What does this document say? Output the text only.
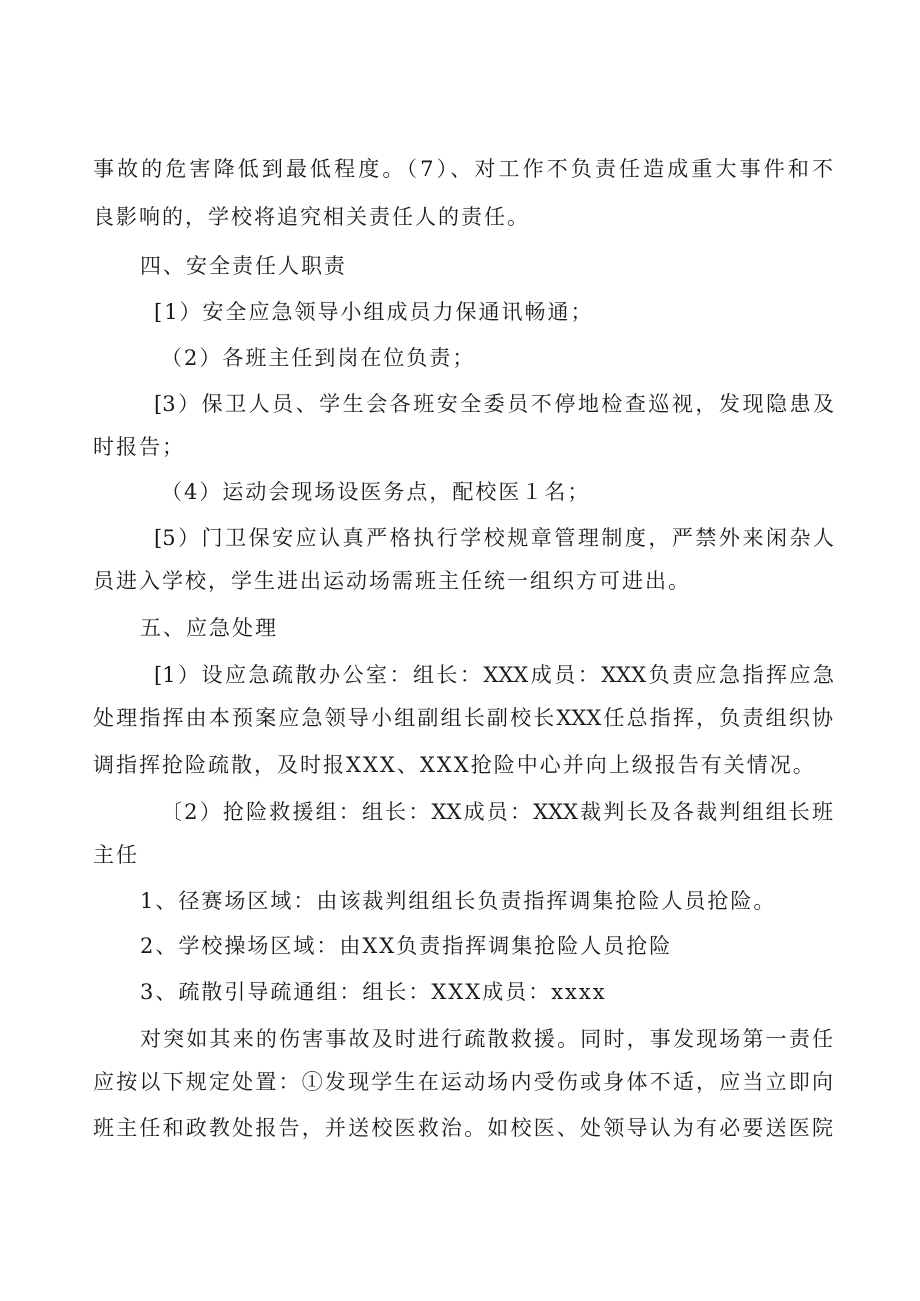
事故的危害降低到最低程度。（7）、对工作不负责任造成重大事件和不
良影响的，学校将追究相关责任人的责任。
四、安全责任人职责
[1）安全应急领导小组成员力保通讯畅通；
（2）各班主任到岗在位负责；
[3）保卫人员、学生会各班安全委员不停地检查巡视，发现隐患及
时报告；
（4）运动会现场设医务点，配校医１名；
[5）门卫保安应认真严格执行学校规章管理制度，严禁外来闲杂人
员进入学校，学生进出运动场需班主任统一组织方可进出。
五、应急处理
[1）设应急疏散办公室：组长：XXX成员：XXX负责应急指挥应急
处理指挥由本预案应急领导小组副组长副校长XXX任总指挥，负责组织协
调指挥抢险疏散，及时报XXX、XXX抢险中心并向上级报告有关情况。
〔2）抢险救援组：组长：XX成员：XXX裁判长及各裁判组组长班
主任
1、径赛场区域：由该裁判组组长负责指挥调集抢险人员抢险。
2、学校操场区域：由XX负责指挥调集抢险人员抢险
3、疏散引导疏通组：组长：XXX成员：xxxx
对突如其来的伤害事故及时进行疏散救援。同时，事发现场第一责任
应按以下规定处置：①发现学生在运动场内受伤或身体不适，应当立即向
班主任和政教处报告，并送校医救治。如校医、处领导认为有必要送医院
